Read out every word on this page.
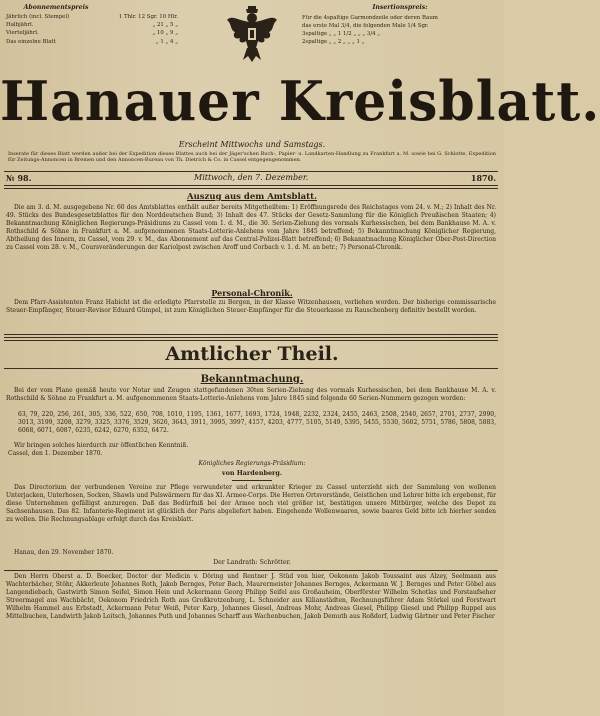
Abonnementspreis
Jährlich (incl. Stempel)	1 Thlr. 12 Sgr. 10 Hlr.
Halbjährl.	„ 21 „ 5 „
Vierteljährl.	„ 10 „ 9 „
Das einzelne Blatt	„ 1 „ 4 „
Insertionspreis:
Für die 4spaltige Garmondzeile oder deren Raum
das erste Mal 3/4, die folgenden Male 1/4 Sgr.
3spaltige „ „ 1 1/2 „ „ „ 3/4 „
2spaltige „ „ 2 „ „ „ 1 „
Hanauer Kreisblatt.
Erscheint Mittwochs und Samstags.
Inserate für dieses Blatt werden außer bei der Expedition dieses Blattes auch bei der Jäger'schen Buch-, Papier- u. Landkarten-Handlung zu Frankfurt a. M. sowie bei G. Schlotte, Expedition für Zeitungs-Annoncen in Bremen und den Annoncen-Bureau von Th. Dietrich & Co. in Cassel entgegengenommen.
№ 98.	Mittwoch, den 7. Dezember.	1870.
Auszug aus dem Amtsblatt.
Die am 3. d. M. ausgegebene Nr. 60 des Amtsblattes enthält außer bereits Mitgetheiltem: 1) Eröffnungsrede des Reichstages vom 24. v. M.; 2) Inhalt des Nr. 49. Stücks des Bundesgesetzblattes für den Norddeutschen Bund; 3) Inhalt des 47. Stücks der Gesetz-Sammlung für die Königlich Preußischen Staaten; 4) Bekanntmachung Königlichen Regierungs-Präsidiums zu Cassel vom 1. d. M., die 30. Serien-Ziehung des vormals Kurhessischen, bei dem Bankhause M. A. v. Rothschild & Söhne in Frankfurt a. M. aufgenommenen Staats-Lotterie-Anlehens vom Jahre 1845 betreffend; 5) Bekanntmachung Königlicher Regierung, Abtheilung des Innern, zu Cassel, vom 29. v. M., das Abonnement auf das Central-Polizei-Blatt betreffend; 6) Bekanntmachung Königlicher Ober-Post-Direction zu Cassel vom 28. v. M., Coursveränderungen der Kariolpost zwischen Aroff und Corbach v. 1. d. M. an betr.; 7) Personal-Chronik.
Personal-Chronik.
Dem Pfarr-Assistenten Franz Habicht ist die erledigte Pfarrstelle zu Bergen, in der Klasse Witzenhausen, verliehen worden. Der bisherige commissarische Steuer-Empfänger, Steuer-Revisor Eduard Gümpel, ist zum Königlichen Steuer-Empfänger für die Steuerkasse zu Rauschenberg definitiv bestellt worden.
Amtlicher Theil.
Bekanntmachung.
Bei der vom Plane gemäß heute vor Notar und Zeugen stattgefundenen 30ten Serien-Ziehung des vormals Kurhessischen, bei dem Bankhause M. A. v. Rothschild & Söhne zu Frankfurt a. M. aufgenommenen Staats-Lotterie-Anlehens vom Jahre 1845 sind folgende 60 Serien-Nummern gezogen worden:
63, 79, 220, 256, 261, 305, 336, 522, 650, 708, 1010, 1195, 1361, 1677, 1693, 1724, 1948, 2232, 2324, 2455, 2463, 2508, 2540, 2657, 2701, 2737, 2990, 3013, 3199, 3208, 3279, 3325, 3376, 3529, 3626, 3643, 3911, 3995, 3997, 4157, 4203, 4777, 5105, 5149, 5395, 5455, 5530, 5602, 5751, 5786, 5808, 5883, 6068, 6071, 6087, 6235, 6242, 6270, 6352, 6472.
Wir bringen solches hierdurch zur öffentlichen Kenntniß.
Cassel, den 1. Dezember 1870.
Königliches Regierungs-Präsidium:
von Hardenberg.
Das Directorium der verbundenen Vereine zur Pflege verwundeter und erkrankter Krieger zu Cassel unterzieht sich der Sammlung von wollenen Unterjacken, Unterhosen, Socken, Shawls und Pulswärmern für das XI. Armee-Corps. Die Herren Ortsvorstände, Geistlichen und Lehrer bitte ich ergebenst, für diese Unternehmen gefälligst anzuregen. Daß das Bedürfniß bei der Armee noch viel größer ist, bestätigen unsere Mitbürger, welche des Depot zu Sachsenhausen. Das 82. Infanterie-Regiment ist glücklich der Paris abgeliefert haben. Eingehende Wollenwaaren, sowie baares Geld bitte ich hierher senden zu wollen. Die Rechnungsablage erfolgt durch das Kreisblatt.
Hanau, den 29. November 1870.
Der Landrath: Schrötter.
Den Herrn Oberst a. D. Boecker, Doctor der Medicin v. Döring und Rentner J. Stüd von hier, Oekonom Jakob Toussaint aus Alzey, Seelmann aus Wachterbächer, Stöhr, Akkerleute Johannes Roth, Jakob Bernges, Peter Bach, Maurermeister Johannes Bernges, Ackermann W. J. Bernges und Peter Göbel aus Langendiebach, Gastwirth Simon Seifel, Simon Hein und Ackermann Georg Philipp Seifel aus Großauheim, Oberförster Wilhelm Schotlas und Forstaufseher Streermagel aus Wachbächt, Oekonom Friedrich Roth aus Großkrotzenburg, L. Schneider aus Kilianstädten, Rechnungsführer Adam Störkel und Forstwart Wilhelm Hammel aus Erbstadt, Ackermann Peter Weiß, Peter Karp, Johannes Giesel, Andreas Mohr, Andreas Giesel, Philipp Giesel und Philipp Ruppel aus Mittelbuchen, Landwirth Jakob Loitsch, Johannes Puth und Johannes Scharff aus Wachenbuchen, Jakob Demuth aus Roßdorf, Ludwig Gärtner und Peter Fischer
